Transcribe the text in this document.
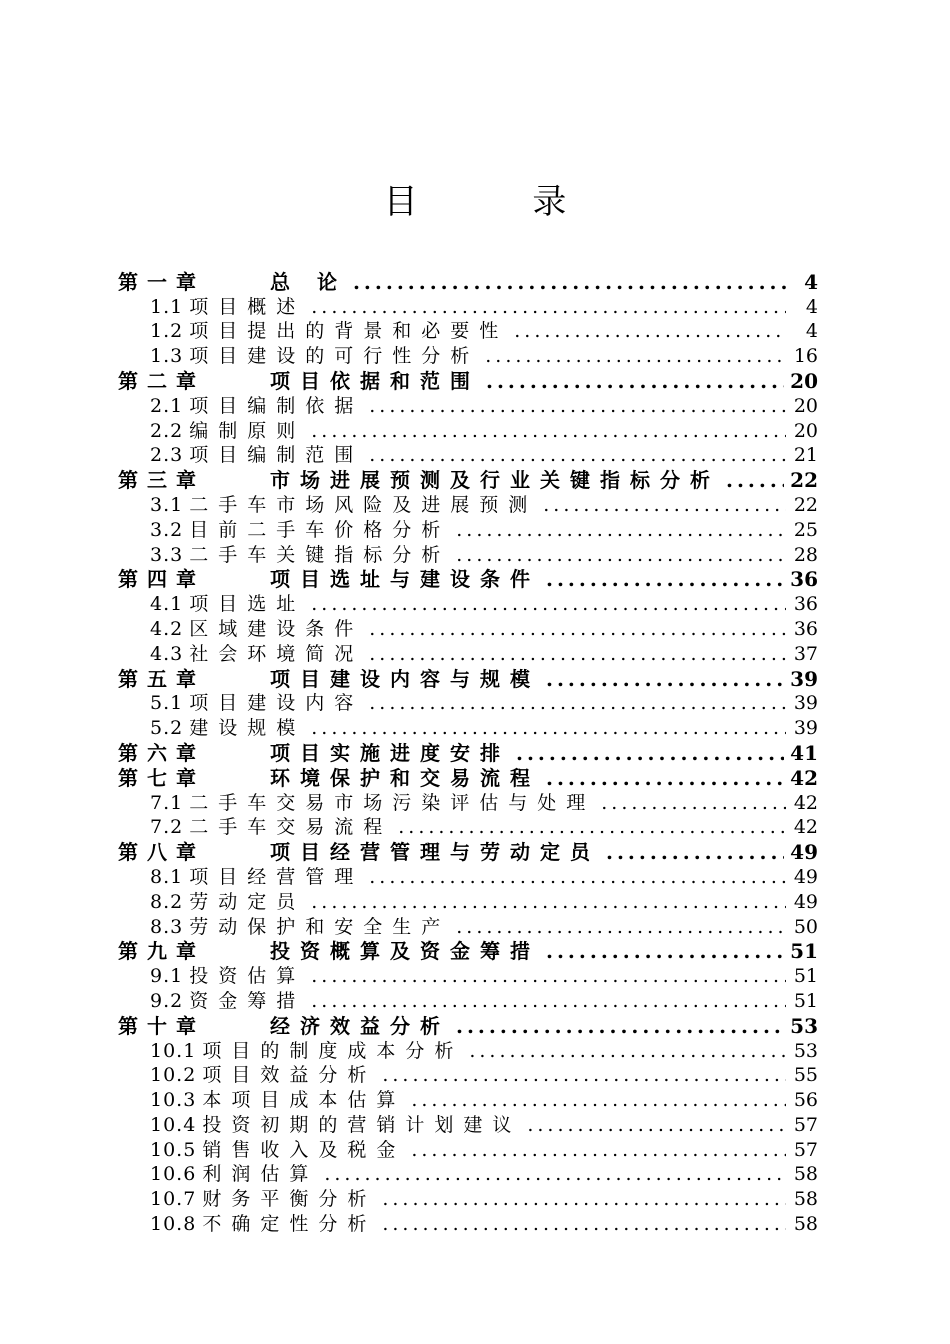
目 录
第一章	总 论 .....	4
1.1 项目概述 .....	4
1.2 项目提出的背景和必要性 .....	4
1.3 项目建设的可行性分析 .....	16
第二章	项目依据和范围 .....	20
2.1 项目编制依据 .....	20
2.2 编制原则 .....	20
2.3 项目编制范围 .....	21
第三章	市场进展预测及行业关键指标分析 .....	22
3.1 二手车市场风险及进展预测 .....	22
3.2 目前二手车价格分析 .....	25
3.3 二手车关键指标分析 .....	28
第四章	项目选址与建设条件 .....	36
4.1 项目选址 .....	36
4.2 区域建设条件 .....	36
4.3 社会环境简况 .....	37
第五章	项目建设内容与规模 .....	39
5.1 项目建设内容 .....	39
5.2 建设规模 .....	39
第六章	项目实施进度安排 .....	41
第七章	环境保护和交易流程 .....	42
7.1 二手车交易市场污染评估与处理 .....	42
7.2 二手车交易流程 .....	42
第八章	项目经营管理与劳动定员 .....	49
8.1 项目经营管理 .....	49
8.2 劳动定员 .....	49
8.3 劳动保护和安全生产 .....	50
第九章	投资概算及资金筹措 .....	51
9.1 投资估算 .....	51
9.2 资金筹措 .....	51
第十章	经济效益分析 .....	53
10.1 项目的制度成本分析 .....	53
10.2 项目效益分析 .....	55
10.3 本项目成本估算 .....	56
10.4 投资初期的营销计划建议 .....	57
10.5 销售收入及税金 .....	57
10.6 利润估算 .....	58
10.7 财务平衡分析 .....	58
10.8 不确定性分析 .....	58
